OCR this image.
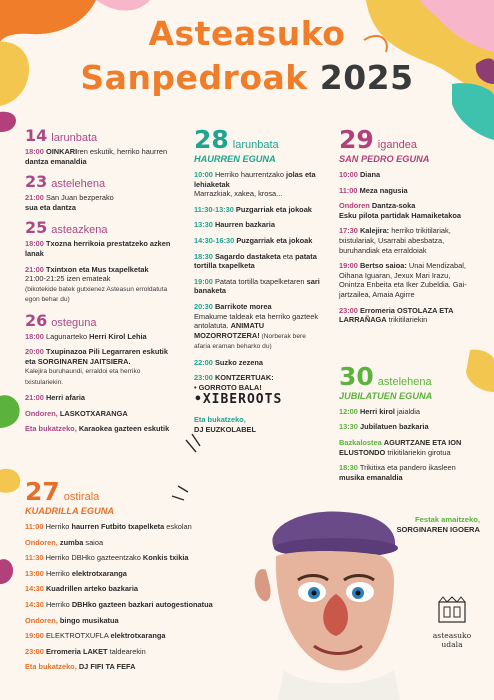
Asteasuko
Sanpedroak 2025
14 larunbata
18:00 OINKARIren eskutik, herriko haurren dantza emanaldia
23 astelehena
21:00 San Juan bezperako
sua eta dantza
25 asteazkena
18:00 Txozna herrikoia prestatzeko azken lanak
21:00 Txintxon eta Mus txapelketak
21:00-21:25 izen emateak
(bikotekide batek gutxienez Asteasun erroldatuta egon behar du)
26 osteguna
18:00 Lagunarteko Herri Kirol Lehia
20:00 Txupinazoa Pili Legarraren eskutik eta SORGINAREN JAITSIERA.
Kalejira buruhaundi, erraldoi eta herriko txistulariekin.
21:00 Herri afaria
Ondoren, LASKOTXARANGA
Eta bukatzeko, Karaokea gazteen eskutik
28 larunbata
HAURREN EGUNA
10:00 Herriko haurrentzako jolas eta lehiaketak
Marrazkiak, xakea, krosa...
11:30-13:30 Puzgarriak eta jokoak
13:30 Haurren bazkaria
14:30-16:30 Puzgarriak eta jokoak
18:30 Sagardo dastaketa eta patata tortilla txapelketa
19:00 Patata tortilla txapelketaren sari banaketa
20:30 Barrikote morea
Emakume taldeak eta herriko gazteek antolatuta. ANIMATU MOZORROTZERA! (Norberak bere afaria eraman beharko du)
22:00 Suzko zezena
23:00 KONTZERTUAK:
• GORROTO BALA!
•XIBEROOTS
Eta bukatzeko,
DJ EUZKOLABEL
29 igandea
SAN PEDRO EGUNA
10:00 Diana
11:00 Meza nagusia
Ondoren Dantza-soka
Esku pilota partidak Hamaiketakoa
17:30 Kalejira: herriko trikitilariak, txistulariak, Usarrabi abesbatza, buruhandiak eta erraldoiak
19:00 Bertso saioa: Unai Mendizabal, Oihana Iguaran, Jexux Mari Irazu, Onintza Enbeita eta Iker Zubeldia. Gai-jartzailea, Amaia Agirre
23:00 Erromeria OSTOLAZA ETA LARRAÑAGA trikitilariekin
30 astelehena
JUBILATUEN EGUNA
12:00 Herri kirol jaialdia
13:30 Jubilatuen bazkaria
Bazkalostea AGURTZANE ETA ION ELUSTONDO trikitilariekin girotua
18:30 Trikitixa eta pandero ikasleen musika emanaldia
Festak amaitzeko,
SORGINAREN IGOERA
27 ostirala
KUADRILLA EGUNA
11:00 Herriko haurren Futbito txapelketa eskolan
Ondoren, zumba saioa
11:30 Herriko DBHko gazteentzako Konkis txikia
13:00 Herriko elektrotxaranga
14:30 Kuadrillen arteko bazkaria
14:30 Herriko DBHko gazteen bazkari autogestionatua
Ondoren, bingo musikatua
19:00 ELEKTROTXUFLA elektrotxaranga
23:00 Erromeria LAKET taldearekin
Eta bukatzeko, DJ FIFI TA FEFA
asteasuko udala
